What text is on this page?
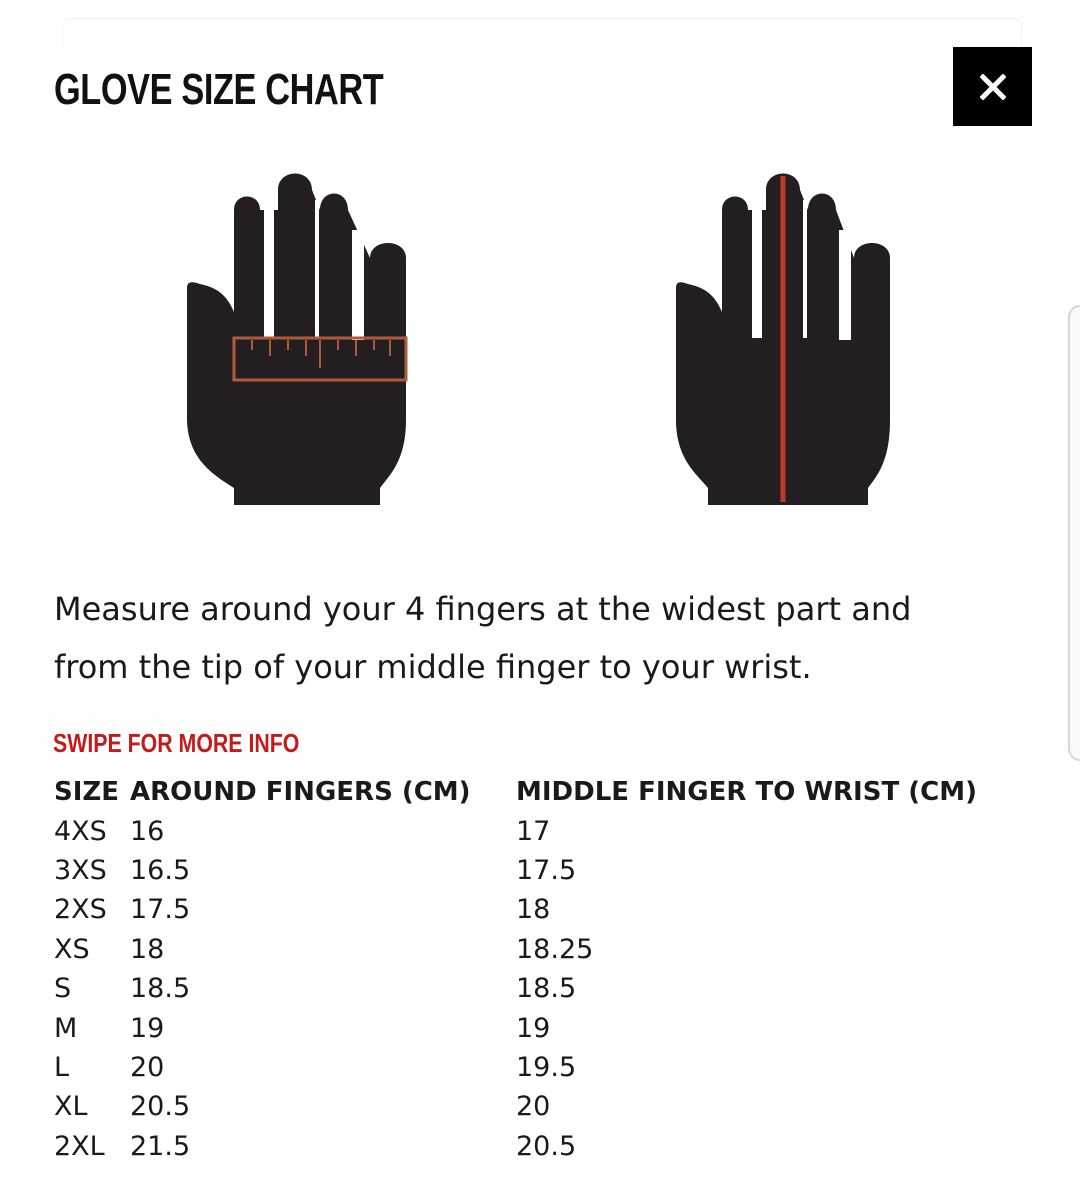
GLOVE SIZE CHART
Measure around your 4 fingers at the widest part and
from the tip of your middle finger to your wrist.
SWIPE FOR MORE INFO
SIZE	AROUND FINGERS (CM)	MIDDLE FINGER TO WRIST (CM)
4XS	16	17
3XS	16.5	17.5
2XS	17.5	18
XS	18	18.25
S	18.5	18.5
M	19	19
L	20	19.5
XL	20.5	20
2XL	21.5	20.5
